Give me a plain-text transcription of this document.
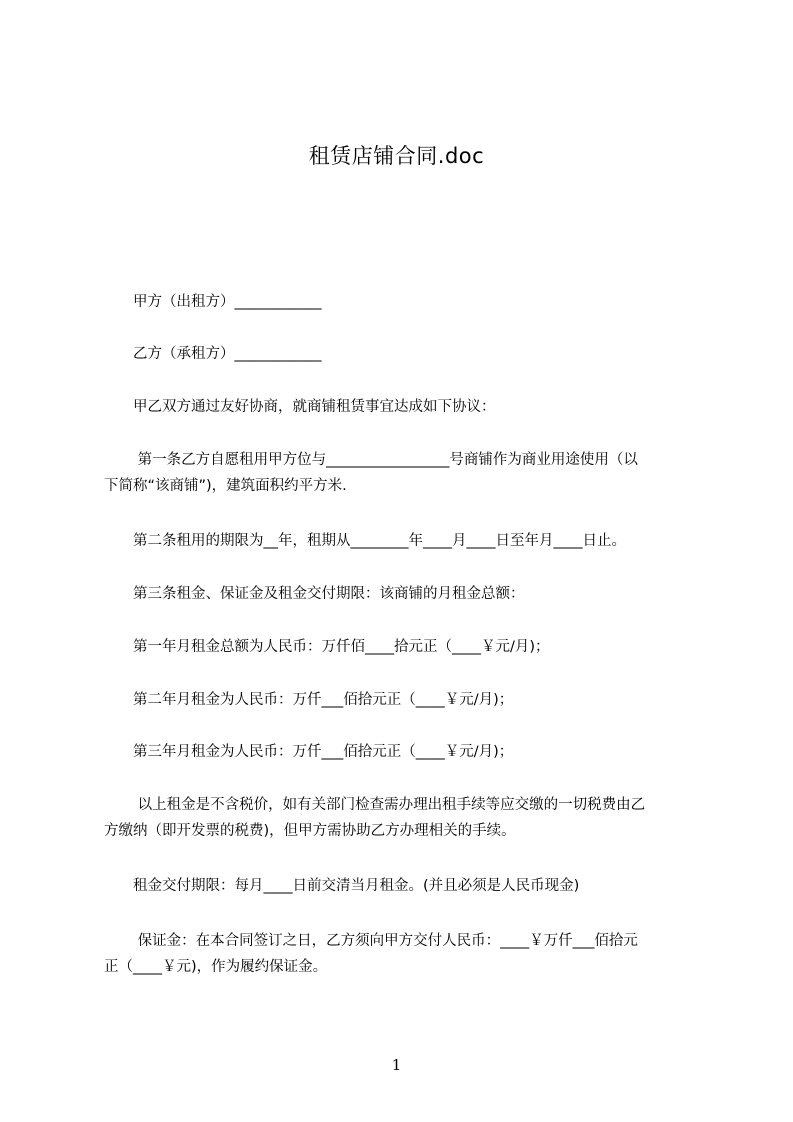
租赁店铺合同.doc
　　甲方（出租方）____________
　　乙方（承租方）____________
　　甲乙双方通过友好协商，就商铺租赁事宜达成如下协议：
　　 第一条乙方自愿租用甲方位与_________________号商铺作为商业用途使用（以
下简称“该商铺”)，建筑面积约平方米.
　　第二条租用的期限为__年，租期从________年____月____日至年月____日止。
　　第三条租金、保证金及租金交付期限：该商铺的月租金总额：
　　第一年月租金总额为人民币：万仟佰____拾元正（____￥元/月)；
　　第二年月租金为人民币：万仟___佰拾元正（____￥元/月)；
　　第三年月租金为人民币：万仟___佰拾元正（____￥元/月)；
　　 以上租金是不含税价，如有关部门检查需办理出租手续等应交缴的一切税费由乙
方缴纳（即开发票的税费)，但甲方需协助乙方办理相关的手续。
　　租金交付期限：每月____日前交清当月租金。(并且必须是人民币现金)
　　 保证金：在本合同签订之日，乙方须向甲方交付人民币：____￥万仟___佰拾元
正（____￥元)，作为履约保证金。
1
